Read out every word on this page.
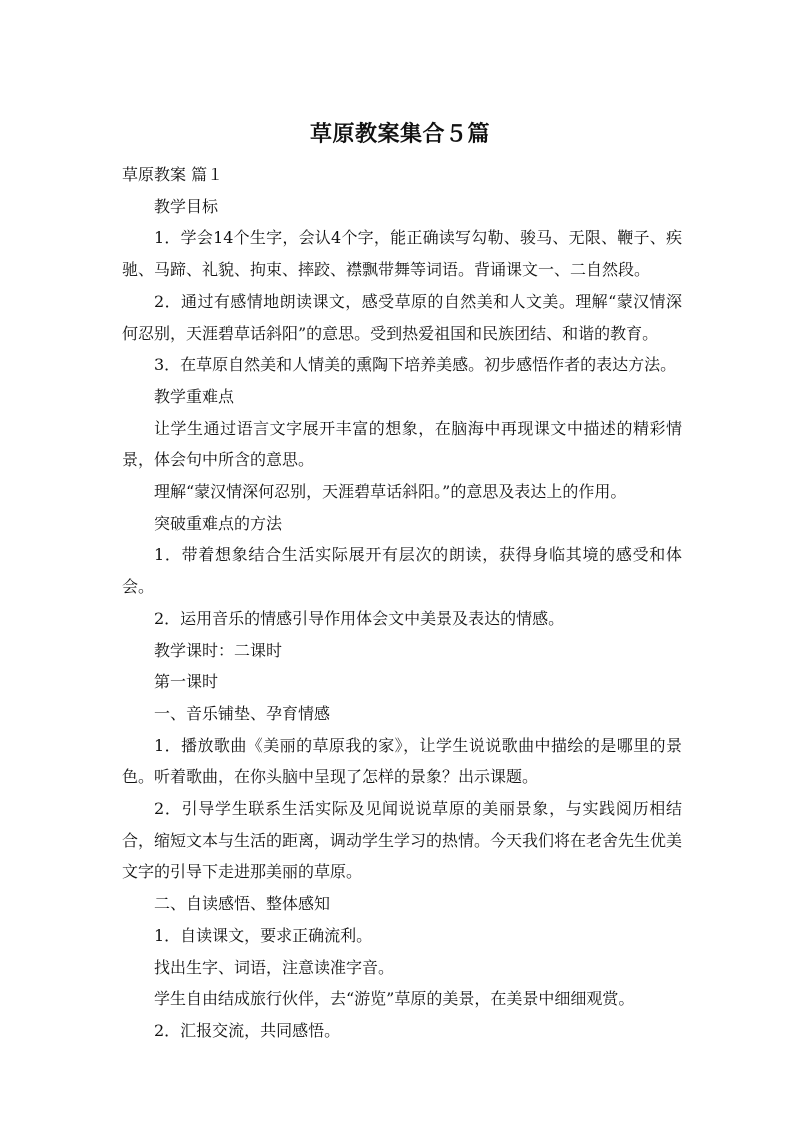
草原教案集合５篇

草原教案 篇１

教学目标

1．学会14个生字，会认4个字，能正确读写勾勒、骏马、无限、鞭子、疾驰、马蹄、礼貌、拘束、摔跤、襟飘带舞等词语。背诵课文一、二自然段。

2．通过有感情地朗读课文，感受草原的自然美和人文美。理解“蒙汉情深何忍别，天涯碧草话斜阳”的意思。受到热爱祖国和民族团结、和谐的教育。

3．在草原自然美和人情美的熏陶下培养美感。初步感悟作者的表达方法。

教学重难点

让学生通过语言文字展开丰富的想象，在脑海中再现课文中描述的精彩情景，体会句中所含的意思。

理解“蒙汉情深何忍别，天涯碧草话斜阳。”的意思及表达上的作用。

突破重难点的方法

1．带着想象结合生活实际展开有层次的朗读，获得身临其境的感受和体会。

2．运用音乐的情感引导作用体会文中美景及表达的情感。

教学课时：二课时

第一课时

一、音乐铺垫、孕育情感

1．播放歌曲《美丽的草原我的家》，让学生说说歌曲中描绘的是哪里的景色。听着歌曲，在你头脑中呈现了怎样的景象？出示课题。

2．引导学生联系生活实际及见闻说说草原的美丽景象，与实践阅历相结合，缩短文本与生活的距离，调动学生学习的热情。今天我们将在老舍先生优美文字的引导下走进那美丽的草原。

二、自读感悟、整体感知

1．自读课文，要求正确流利。

找出生字、词语，注意读准字音。

学生自由结成旅行伙伴，去“游览”草原的美景，在美景中细细观赏。

2．汇报交流，共同感悟。
